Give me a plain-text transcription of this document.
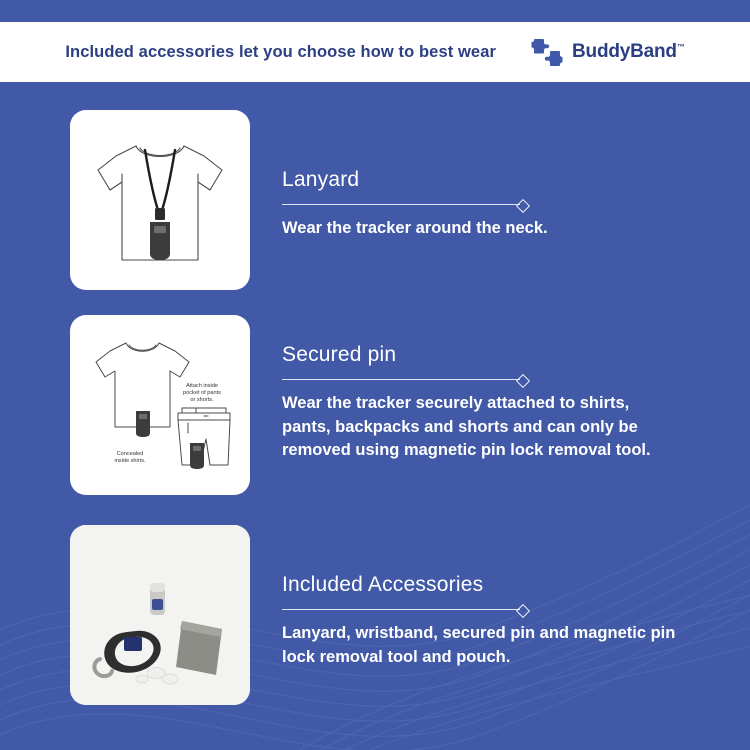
Included accessories let you choose how to best wear	BuddyBand™
Lanyard

Wear the tracker around the neck.

Attach inside
pocket of pants
or shorts.
Concealed
inside shirts.
Secured pin

Wear the tracker securely attached to shirts, pants, backpacks and shorts and can only be removed using magnetic pin lock removal tool.

Included Accessories

Lanyard, wristband, secured pin and magnetic pin lock removal tool and pouch.
